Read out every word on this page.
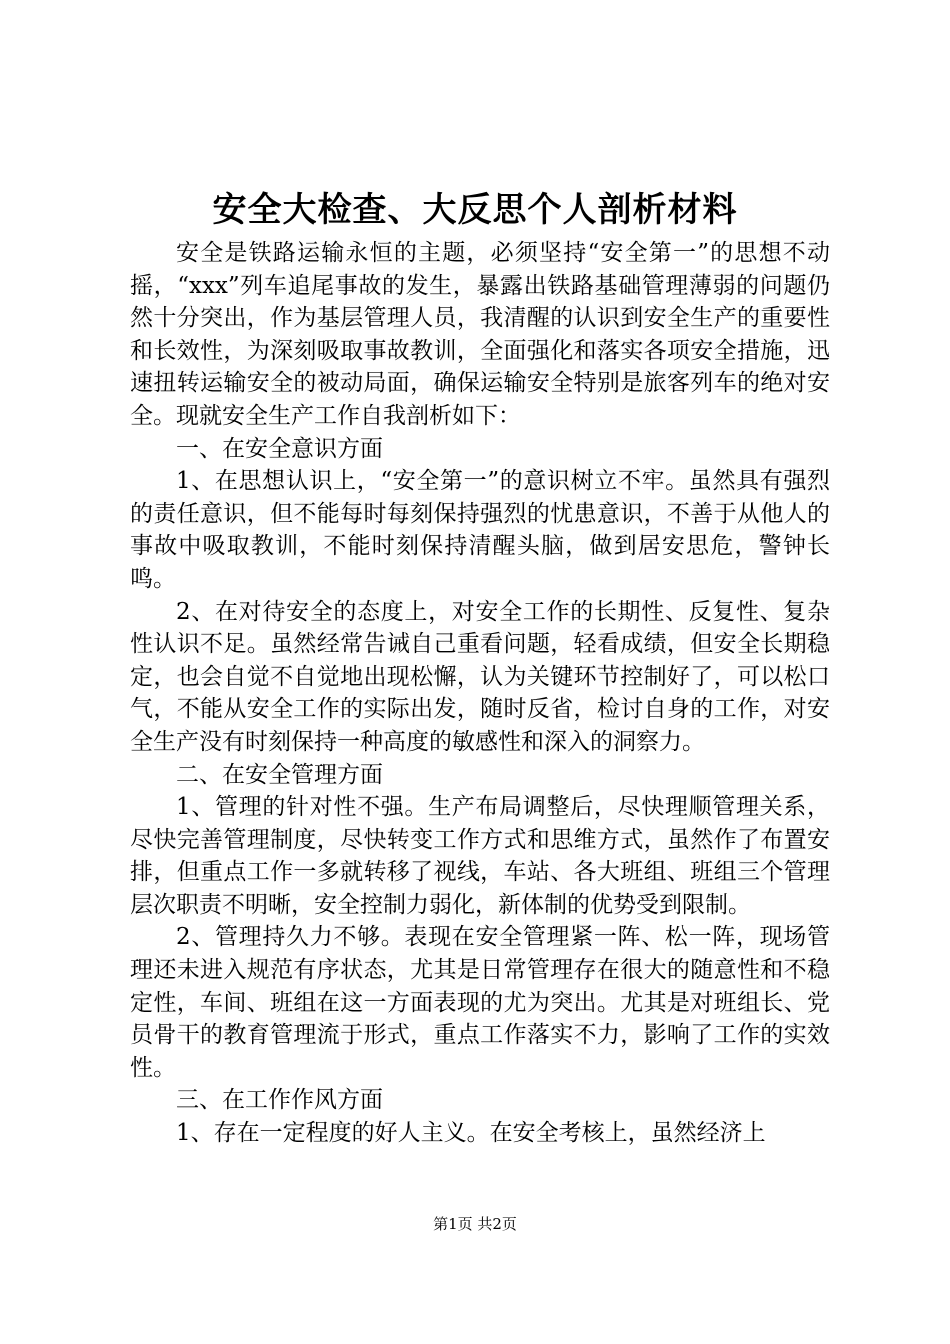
安全大检查、大反思个人剖析材料

安全是铁路运输永恒的主题，必须坚持“安全第一”的思想不动摇，“xxx”列车追尾事故的发生，暴露出铁路基础管理薄弱的问题仍然十分突出，作为基层管理人员，我清醒的认识到安全生产的重要性和长效性，为深刻吸取事故教训，全面强化和落实各项安全措施，迅速扭转运输安全的被动局面，确保运输安全特别是旅客列车的绝对安全。现就安全生产工作自我剖析如下：

一、在安全意识方面

1、在思想认识上，“安全第一”的意识树立不牢。虽然具有强烈的责任意识，但不能每时每刻保持强烈的忧患意识，不善于从他人的事故中吸取教训，不能时刻保持清醒头脑，做到居安思危，警钟长鸣。

2、在对待安全的态度上，对安全工作的长期性、反复性、复杂性认识不足。虽然经常告诫自己重看问题，轻看成绩，但安全长期稳定，也会自觉不自觉地出现松懈，认为关键环节控制好了，可以松口气，不能从安全工作的实际出发，随时反省，检讨自身的工作，对安全生产没有时刻保持一种高度的敏感性和深入的洞察力。

二、在安全管理方面

1、管理的针对性不强。生产布局调整后，尽快理顺管理关系，尽快完善管理制度，尽快转变工作方式和思维方式，虽然作了布置安排，但重点工作一多就转移了视线，车站、各大班组、班组三个管理层次职责不明晰，安全控制力弱化，新体制的优势受到限制。

2、管理持久力不够。表现在安全管理紧一阵、松一阵，现场管理还未进入规范有序状态，尤其是日常管理存在很大的随意性和不稳定性，车间、班组在这一方面表现的尤为突出。尤其是对班组长、党员骨干的教育管理流于形式，重点工作落实不力，影响了工作的实效性。

三、在工作作风方面

1、存在一定程度的好人主义。在安全考核上，虽然经济上

第1页 共2页
